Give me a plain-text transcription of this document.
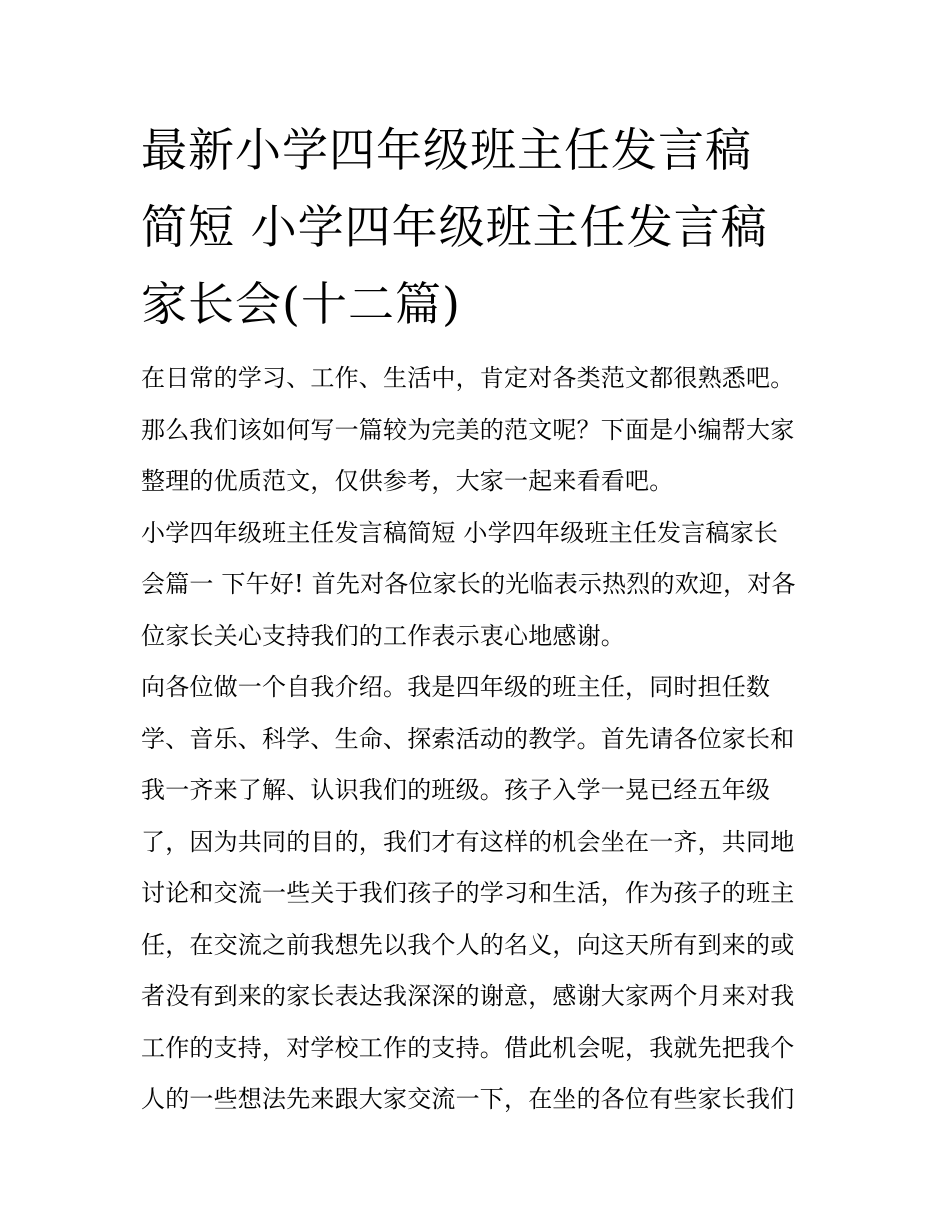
最新小学四年级班主任发言稿
简短 小学四年级班主任发言稿
家长会(十二篇)

在日常的学习、工作、生活中，肯定对各类范文都很熟悉吧。
那么我们该如何写一篇较为完美的范文呢？下面是小编帮大家
整理的优质范文，仅供参考，大家一起来看看吧。

小学四年级班主任发言稿简短 小学四年级班主任发言稿家长
会篇一 下午好! 首先对各位家长的光临表示热烈的欢迎，对各
位家长关心支持我们的工作表示衷心地感谢。

向各位做一个自我介绍。我是四年级的班主任，同时担任数
学、音乐、科学、生命、探索活动的教学。首先请各位家长和
我一齐来了解、认识我们的班级。孩子入学一晃已经五年级
了，因为共同的目的，我们才有这样的机会坐在一齐，共同地
讨论和交流一些关于我们孩子的学习和生活，作为孩子的班主
任，在交流之前我想先以我个人的名义，向这天所有到来的或
者没有到来的家长表达我深深的谢意，感谢大家两个月来对我
工作的支持，对学校工作的支持。借此机会呢，我就先把我个
人的一些想法先来跟大家交流一下，在坐的各位有些家长我们
